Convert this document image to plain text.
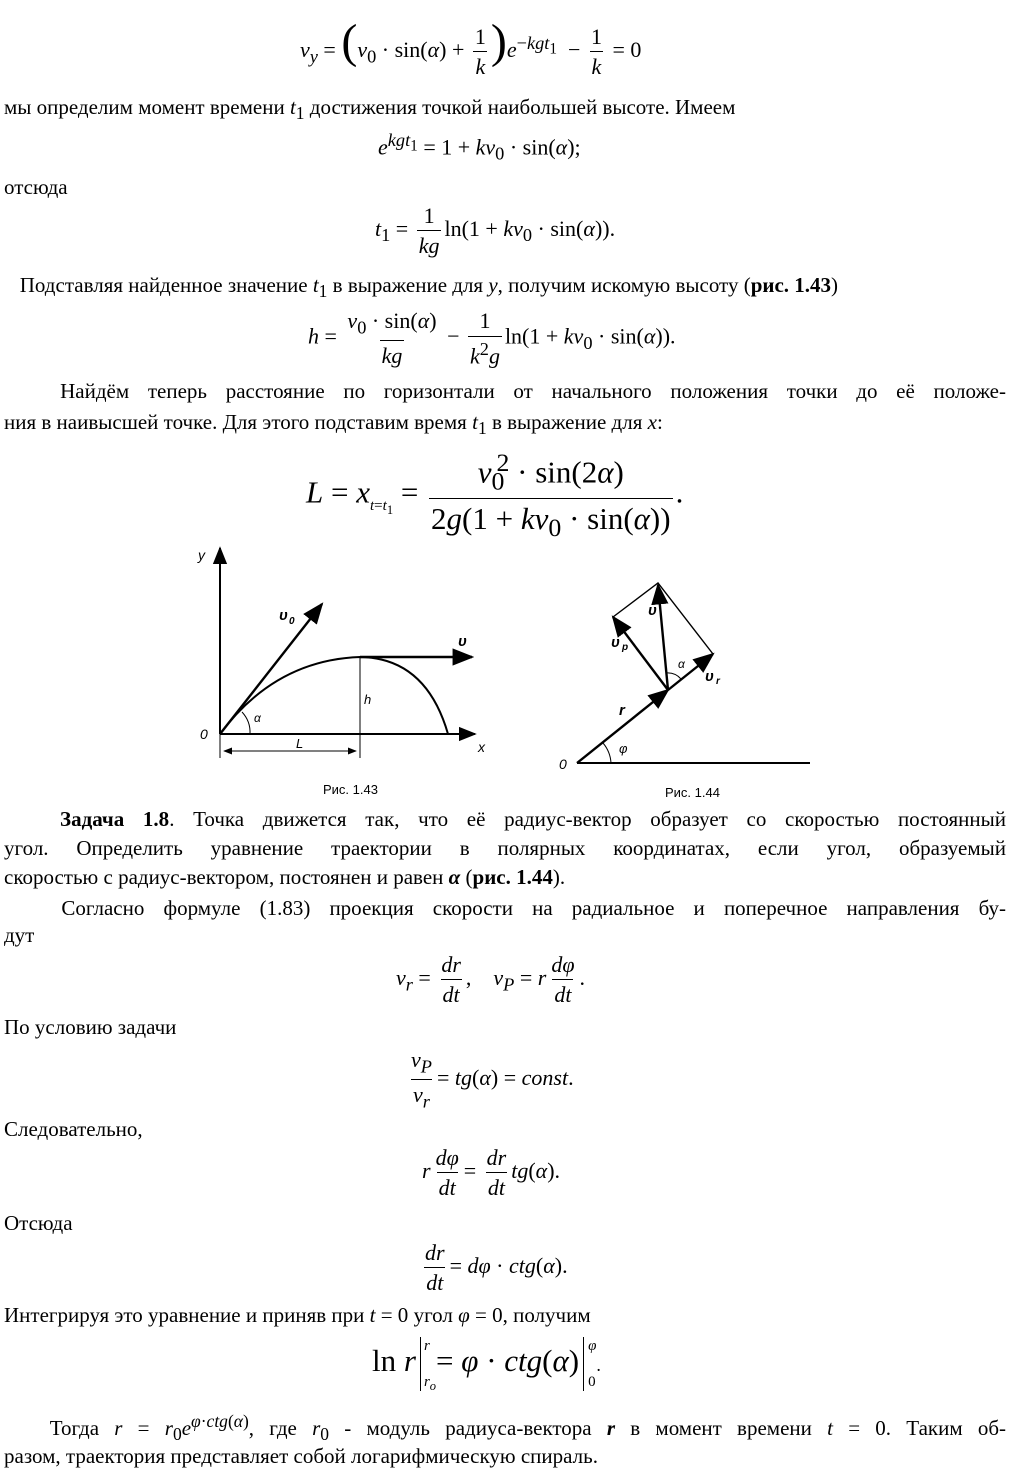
$v_y = (v_0 \cdot \sin(\alpha) + \frac{1}{k} )e^{-kgt_1} - \frac{1}{k} = 0$
мы определим момент времени $t_1$ достижения точкой наибольшей высоте. Имеем
$e^{kgt_1} = 1 + kv_0 \cdot \sin(\alpha)$;
отсюда
$t_1 = \frac{1}{kg} \ln(1 + kv_0 \cdot \sin(\alpha))$.
Подставляя найденное значение $t_1$ в выражение для y, получим искомую высоту (рис. 1.43)
$h = \frac{v_0 \cdot \sin(\alpha)}{kg} - \frac{1}{k^2g} \ln(1 + kv_0 \cdot \sin(\alpha))$.
Найдём теперь расстояние по горизонтали от начального положения точки до её положе-
ния в наивысшей точке. Для этого подставим время $t_1$ в выражение для x:
$L = x_{t=t_1} = \frac{v_0^2 \cdot \sin(2\alpha)}{2g(1 + kv_0 \cdot \sin(\alpha))}$ .
y
0
x
υ 0
υ
α
h
L
Рис. 1.43
0
r
υ r
υ p
υ
α
φ
Рис. 1.44
Задача 1.8. Точка движется так, что её радиус-вектор образует со скоростью постоянный
угол. Определить уравнение траектории в полярных координатах, если угол, образуемый
скоростью с радиус-вектором, постоянен и равен α (рис. 1.44).
Согласно формуле (1.83) проекция скорости на радиальное и поперечное направления бу-
дут
$v_r = \frac{dr}{dt}$ ,    $v_P = r \frac{d\varphi}{dt}$ .
По условию задачи
$\frac{v_P}{v_r} = tg(\alpha)$ = const.
Следовательно,
r $\frac{d\varphi}{dt} = \frac{dr}{dt} tg(\alpha)$.
Отсюда
$\frac{dr}{dt} = d\varphi \cdot ctg(\alpha)$.
Интегрируя это уравнение и приняв при t = 0 угол φ = 0, получим
ln r r

$r_o= \varphi \cdot ctg(\alpha)$ φ

0.
Тогда $r = r_0e^{\varphi\cdot ctg(\alpha)}$, где $r_0$ - модуль радиуса-вектора r в момент времени t = 0. Таким об-
разом, траектория представляет собой логарифмическую спираль.
